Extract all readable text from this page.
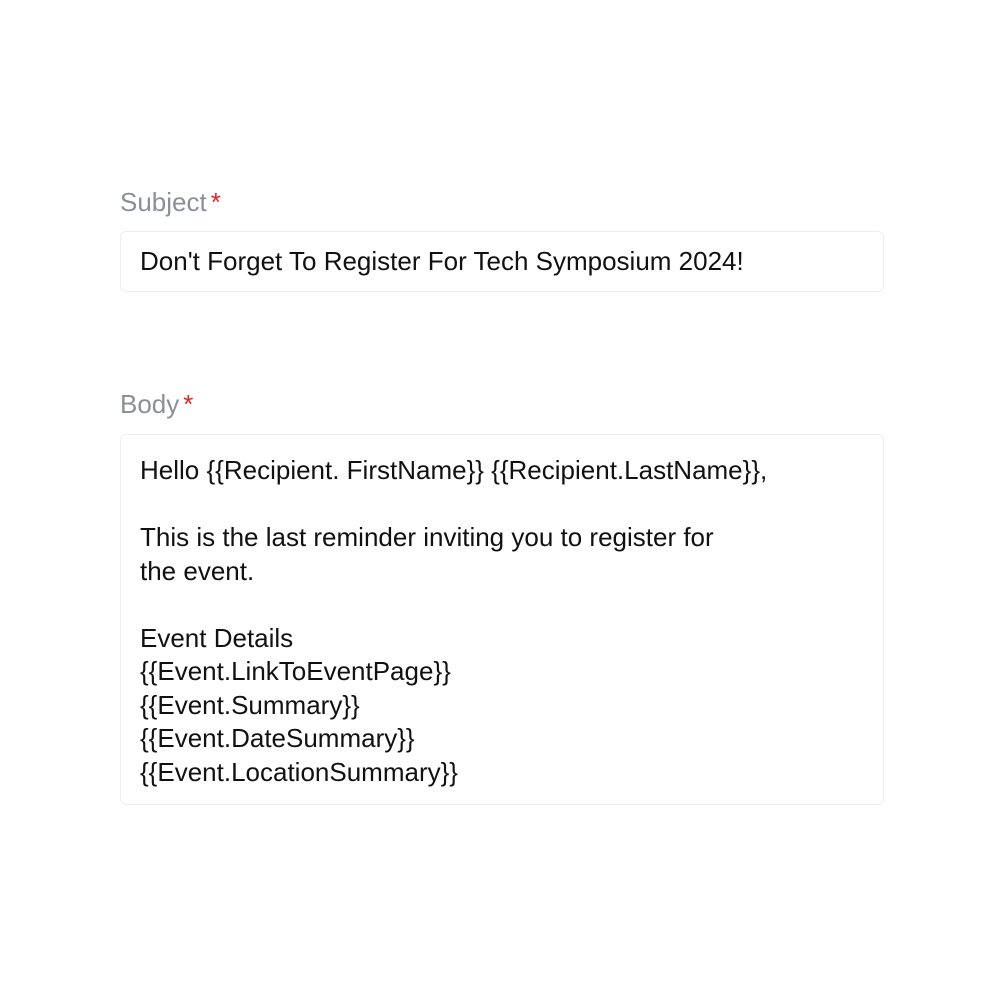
Subject *
Don't Forget To Register For Tech Symposium 2024!
Body *
Hello {{Recipient. FirstName}} {{Recipient.LastName}},
This is the last reminder inviting you to register for
the event.
Event Details
{{Event.LinkToEventPage}}
{{Event.Summary}}
{{Event.DateSummary}}
{{Event.LocationSummary}}
